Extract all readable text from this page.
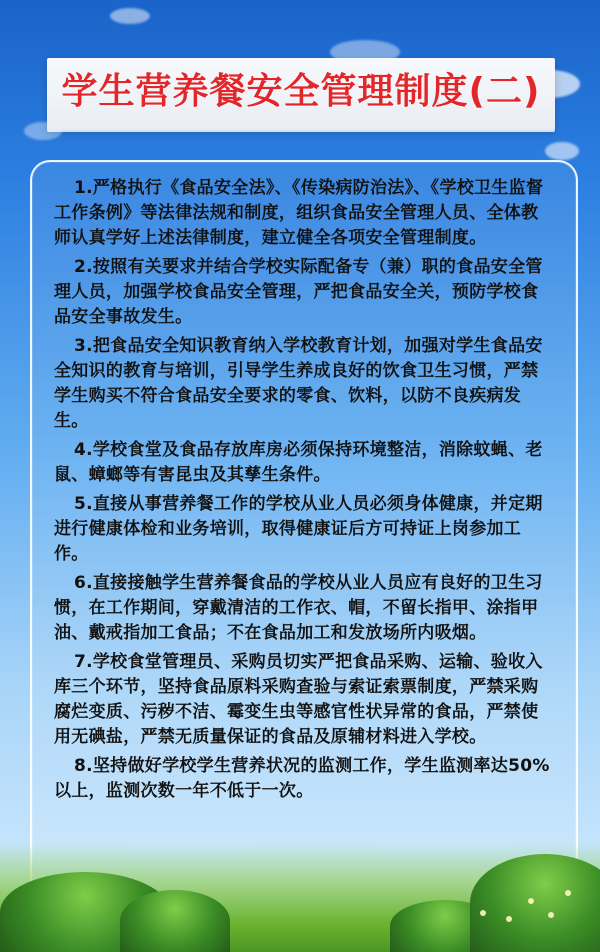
学生营养餐安全管理制度(二)

1.严格执行《食品安全法》、《传染病防治法》、《学校卫生监督工作条例》等法律法规和制度，组织食品安全管理人员、全体教师认真学好上述法律制度，建立健全各项安全管理制度。

2.按照有关要求并结合学校实际配备专（兼）职的食品安全管理人员，加强学校食品安全管理，严把食品安全关，预防学校食品安全事故发生。

3.把食品安全知识教育纳入学校教育计划，加强对学生食品安全知识的教育与培训，引导学生养成良好的饮食卫生习惯，严禁学生购买不符合食品安全要求的零食、饮料，以防不良疾病发生。

4.学校食堂及食品存放库房必须保持环境整洁，消除蚊蝇、老鼠、蟑螂等有害昆虫及其孳生条件。

5.直接从事营养餐工作的学校从业人员必须身体健康，并定期进行健康体检和业务培训，取得健康证后方可持证上岗参加工作。

6.直接接触学生营养餐食品的学校从业人员应有良好的卫生习惯，在工作期间，穿戴清洁的工作衣、帽，不留长指甲、涂指甲油、戴戒指加工食品；不在食品加工和发放场所内吸烟。

7.学校食堂管理员、采购员切实严把食品采购、运输、验收入库三个环节，坚持食品原料采购查验与索证索票制度，严禁采购腐烂变质、污秽不洁、霉变生虫等感官性状异常的食品，严禁使用无碘盐，严禁无质量保证的食品及原辅材料进入学校。

8.坚持做好学校学生营养状况的监测工作，学生监测率达50%以上，监测次数一年不低于一次。
